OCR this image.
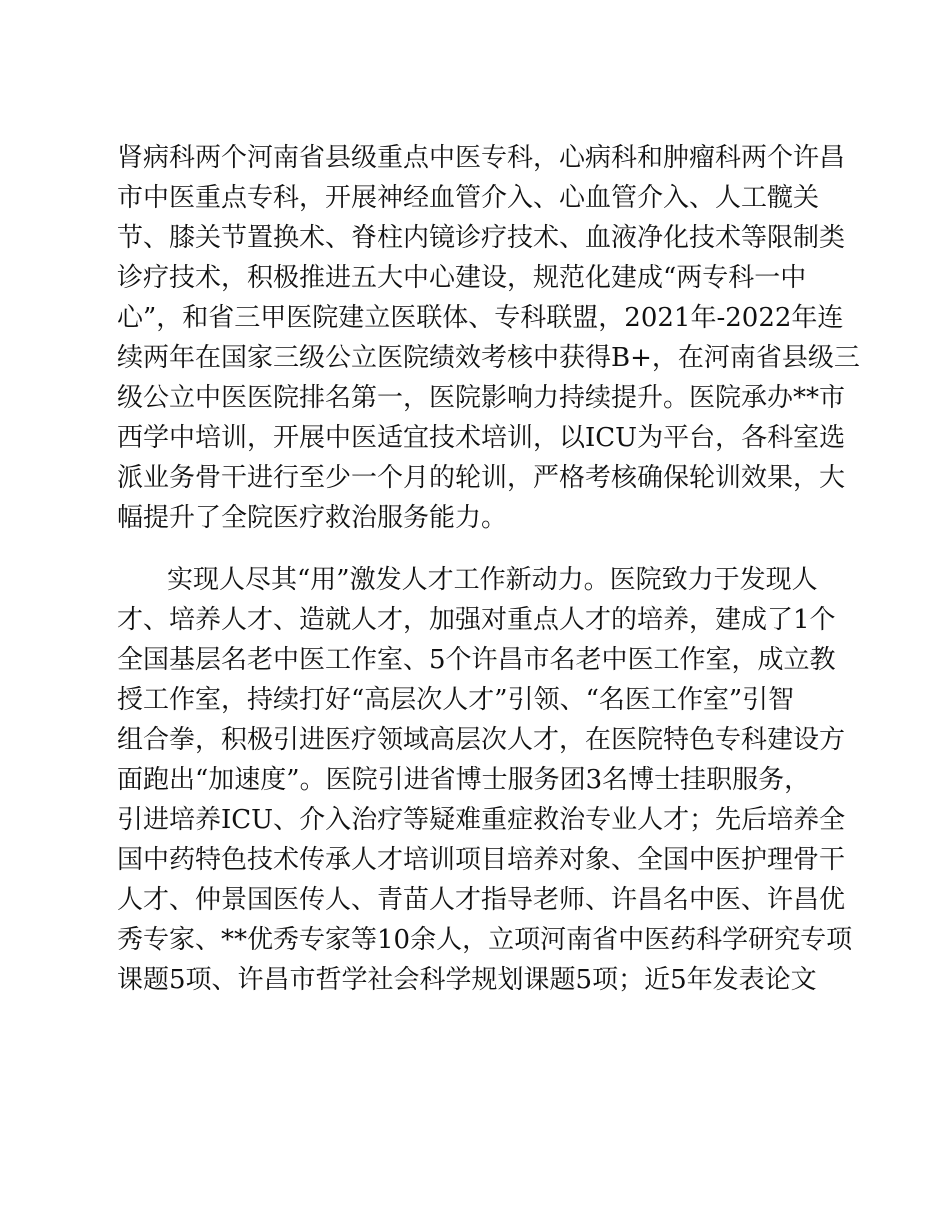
肾病科两个河南省县级重点中医专科，心病科和肿瘤科两个许昌
市中医重点专科，开展神经血管介入、心血管介入、人工髋关
节、膝关节置换术、脊柱内镜诊疗技术、血液净化技术等限制类
诊疗技术，积极推进五大中心建设，规范化建成“两专科一中
心”，和省三甲医院建立医联体、专科联盟，2021年-2022年连
续两年在国家三级公立医院绩效考核中获得B+，在河南省县级三
级公立中医医院排名第一，医院影响力持续提升。医院承办**市
西学中培训，开展中医适宜技术培训，以ICU为平台，各科室选
派业务骨干进行至少一个月的轮训，严格考核确保轮训效果，大
幅提升了全院医疗救治服务能力。
实现人尽其“用”激发人才工作新动力。医院致力于发现人
才、培养人才、造就人才，加强对重点人才的培养，建成了1个
全国基层名老中医工作室、5个许昌市名老中医工作室，成立教
授工作室，持续打好“高层次人才”引领、“名医工作室”引智
组合拳，积极引进医疗领域高层次人才，在医院特色专科建设方
面跑出“加速度”。医院引进省博士服务团3名博士挂职服务，
引进培养ICU、介入治疗等疑难重症救治专业人才；先后培养全
国中药特色技术传承人才培训项目培养对象、全国中医护理骨干
人才、仲景国医传人、青苗人才指导老师、许昌名中医、许昌优
秀专家、**优秀专家等10余人，立项河南省中医药科学研究专项
课题5项、许昌市哲学社会科学规划课题5项；近5年发表论文
